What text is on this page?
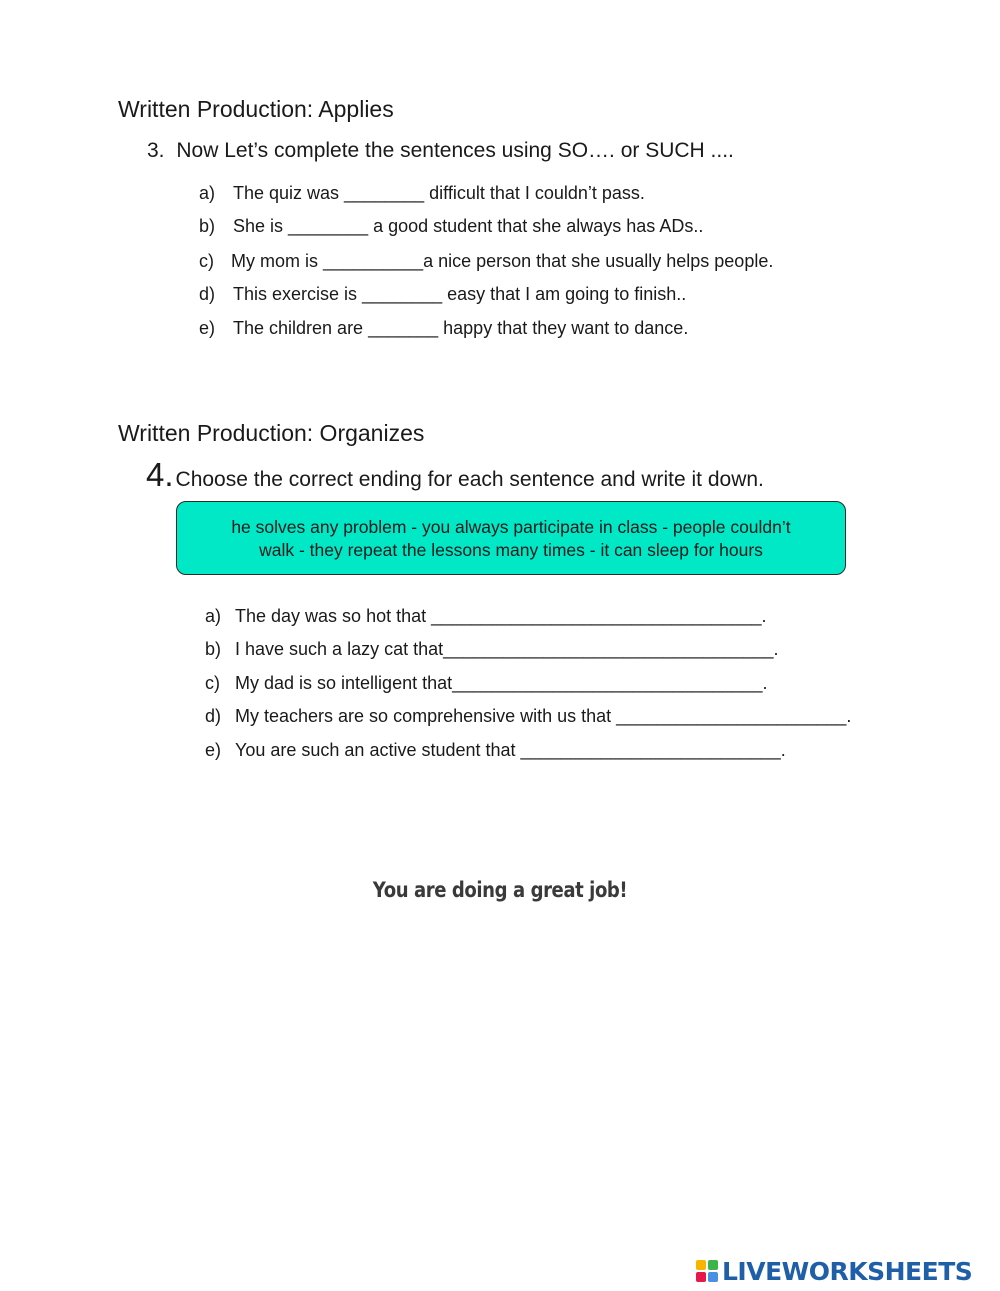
Written Production: Applies
3. Now Let’s complete the sentences using SO…. or SUCH ....
a) The quiz was ________ difficult that I couldn’t pass.
b) She is ________ a good student that she always has ADs..
c) My mom is __________a nice person that she usually helps people.
d) This exercise is ________ easy that I am going to finish..
e) The children are _______ happy that they want to dance.
Written Production: Organizes
4.Choose the correct ending for each sentence and write it down.
he solves any problem - you always participate in class - people couldn’t
walk - they repeat the lessons many times - it can sleep for hours
a) The day was so hot that _________________________________.
b) I have such a lazy cat that_________________________________.
c) My dad is so intelligent that_______________________________.
d) My teachers are so comprehensive with us that _______________________.
e) You are such an active student that __________________________.
You are doing a great job!
LIVEWORKSHEETS
